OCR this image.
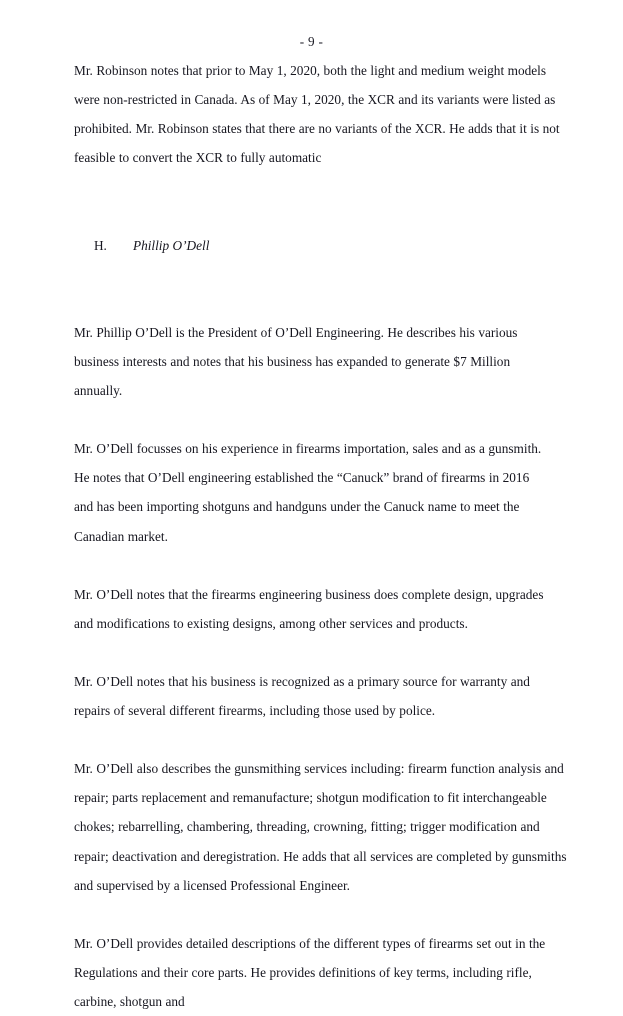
- 9 -

Mr. Robinson notes that prior to May 1, 2020, both the light and medium weight models were non-restricted in Canada. As of May 1, 2020, the XCR and its variants were listed as prohibited. Mr. Robinson states that there are no variants of the XCR. He adds that it is not feasible to convert the XCR to fully automatic

H. Phillip O’Dell

Mr. Phillip O’Dell is the President of O’Dell Engineering. He describes his various business interests and notes that his business has expanded to generate $7 Million annually.

Mr. O’Dell focusses on his experience in firearms importation, sales and as a gunsmith. He notes that O’Dell engineering established the “Canuck” brand of firearms in 2016 and has been importing shotguns and handguns under the Canuck name to meet the Canadian market.

Mr. O’Dell notes that the firearms engineering business does complete design, upgrades and modifications to existing designs, among other services and products.

Mr. O’Dell notes that his business is recognized as a primary source for warranty and repairs of several different firearms, including those used by police.

Mr. O’Dell also describes the gunsmithing services including: firearm function analysis and repair; parts replacement and remanufacture; shotgun modification to fit interchangeable chokes; rebarrelling, chambering, threading, crowning, fitting; trigger modification and repair; deactivation and deregistration. He adds that all services are completed by gunsmiths and supervised by a licensed Professional Engineer.

Mr. O’Dell provides detailed descriptions of the different types of firearms set out in the Regulations and their core parts. He provides definitions of key terms, including rifle, carbine, shotgun and
